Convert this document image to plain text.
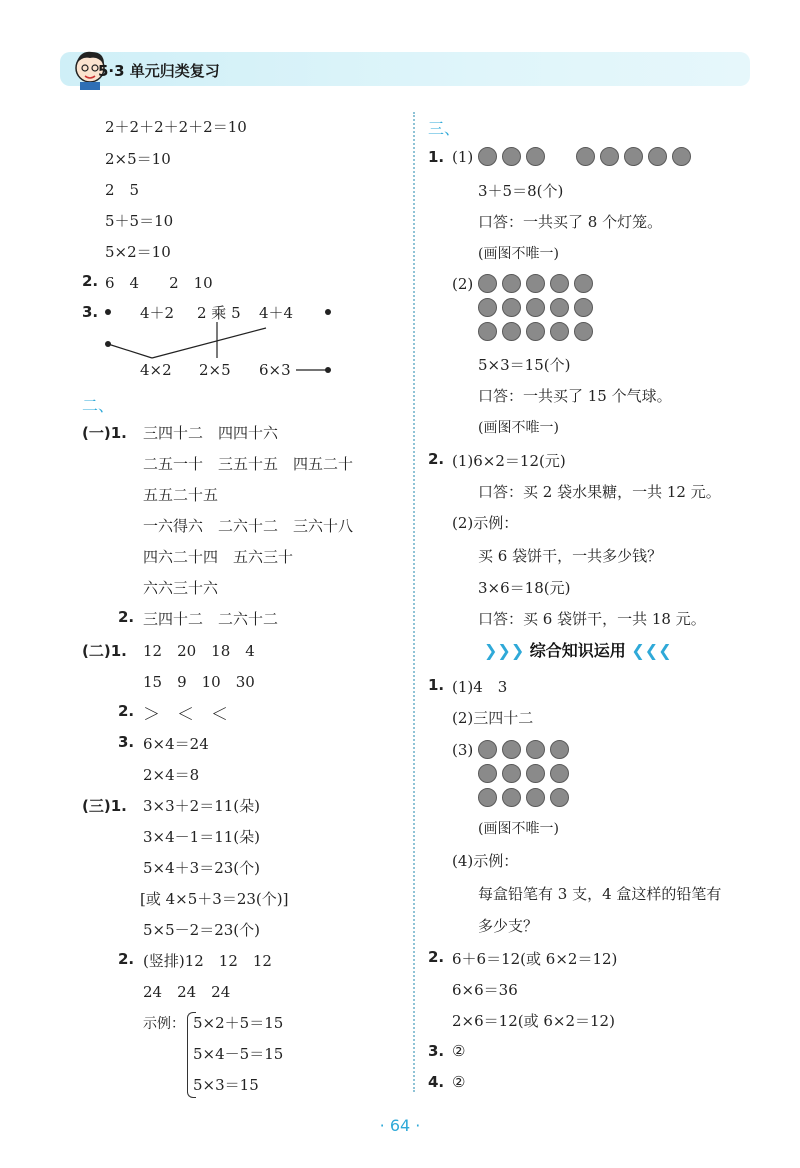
5·3 单元归类复习
2＋2＋2＋2＋2＝10
2×5＝10
2　5
5＋5＝10
5×2＝10
2. 6　4　　2　10
3.	4＋2 2 乘 5 4＋4
4×2 2×5 6×3
二、
(一)1. 三四十二　四四十六
二五一十　三五十五　四五二十
五五二十五
一六得六　二六十二　三六十八
四六二十四　五六三十
六六三十六
2. 三四十二　二六十二
(二)1. 12　20　18　4
15　9　10　30
2. ＞　＜　＜
3. 6×4＝24
2×4＝8
(三)1. 3×3＋2＝11(朵)
3×4－1＝11(朵)
5×4＋3＝23(个)
[或 4×5＋3＝23(个)]
5×5－2＝23(个)
2. (竖排)12　12　12
24　24　24
示例： 5×2＋5＝15
5×4－5＝15
5×3＝15
三、
1. (1)
3＋5＝8(个)
口答：一共买了 8 个灯笼。
(画图不唯一)
(2)
5×3＝15(个)
口答：一共买了 15 个气球。
(画图不唯一)
2. (1)6×2＝12(元)
口答：买 2 袋水果糖，一共 12 元。
(2)示例：
买 6 袋饼干，一共多少钱？
3×6＝18(元)
口答：买 6 袋饼干，一共 18 元。
❯❯❯ 综合知识运用 ❮❮❮
1. (1)4　3
(2)三四十二
(3)
(画图不唯一)
(4)示例：
每盒铅笔有 3 支，4 盒这样的铅笔有
多少支？
2. 6＋6＝12(或 6×2＝12)
6×6＝36
2×6＝12(或 6×2＝12)
3. ②
4. ②
· 64 ·
